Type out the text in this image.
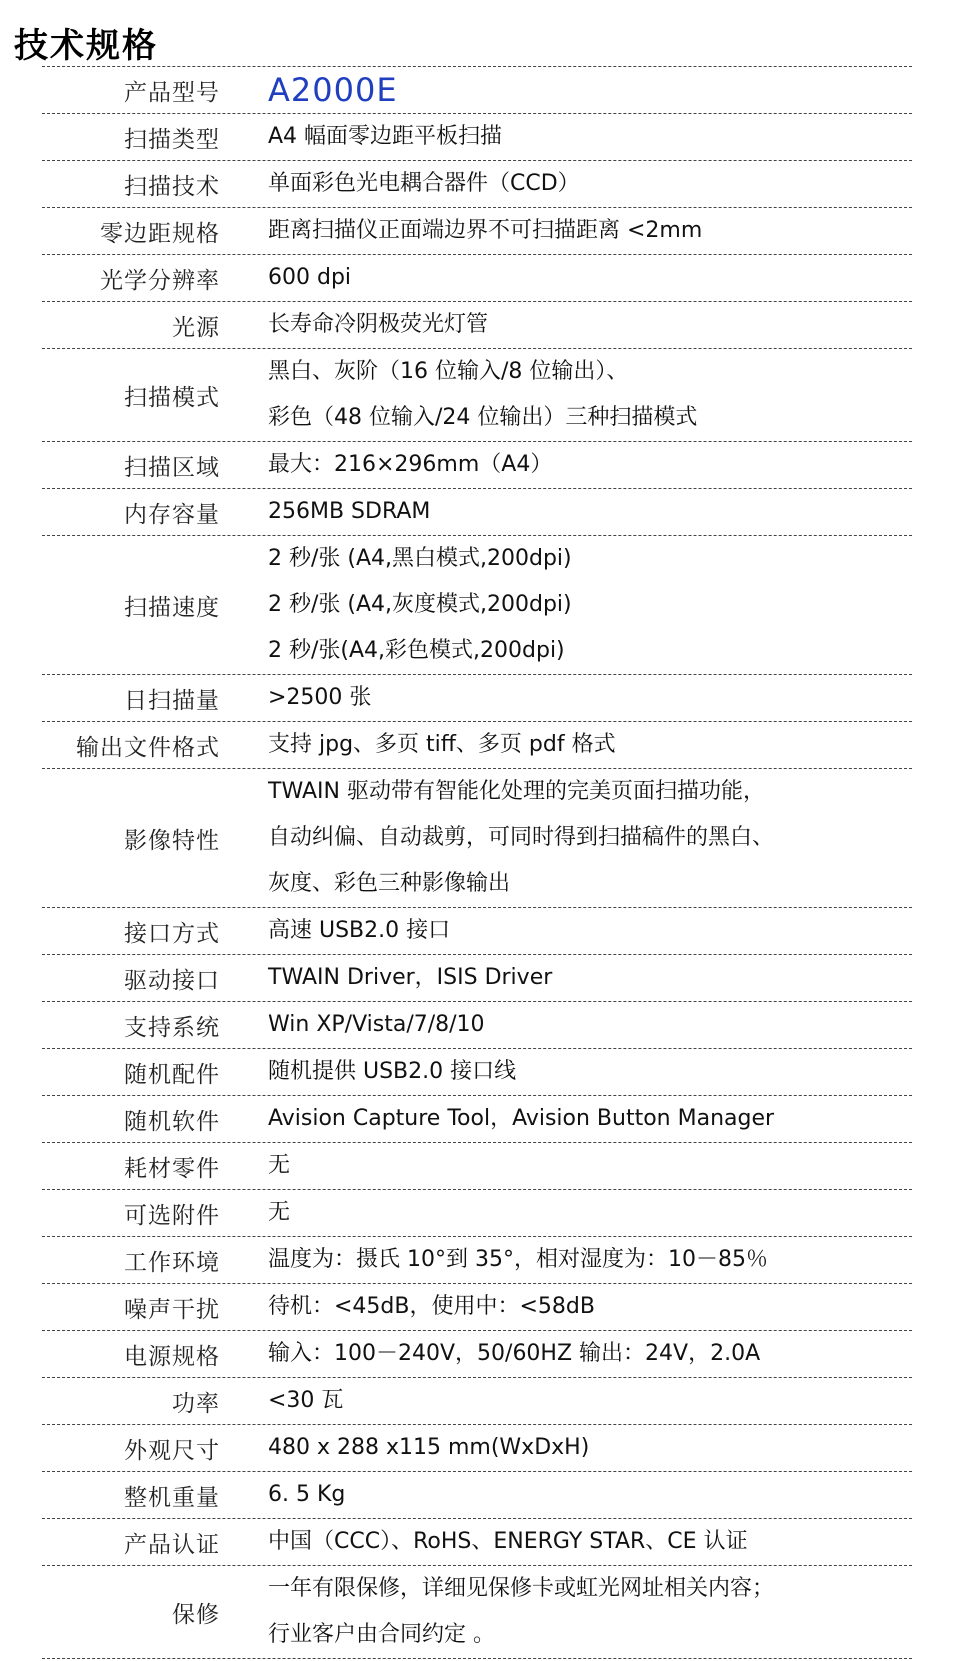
技术规格
产品型号 A2000E
扫描类型 A4 幅面零边距平板扫描
扫描技术 单面彩色光电耦合器件（CCD）
零边距规格 距离扫描仪正面端边界不可扫描距离 <2mm
光学分辨率 600 dpi
光源 长寿命冷阴极荧光灯管
扫描模式
黑白、灰阶（16 位输入/8 位输出）、
彩色（48 位输入/24 位输出）三种扫描模式
扫描区域 最大：216×296mm（A4）
内存容量 256MB SDRAM
扫描速度
2 秒/张 (A4,黑白模式,200dpi)
2 秒/张 (A4,灰度模式,200dpi)
2 秒/张(A4,彩色模式,200dpi)
日扫描量 >2500 张
输出文件格式 支持 jpg、多页 tiff、多页 pdf 格式
影像特性
TWAIN 驱动带有智能化处理的完美页面扫描功能，
自动纠偏、自动裁剪，可同时得到扫描稿件的黑白、
灰度、彩色三种影像输出
接口方式 高速 USB2.0 接口
驱动接口 TWAIN Driver，ISIS Driver
支持系统 Win XP/Vista/7/8/10
随机配件 随机提供 USB2.0 接口线
随机软件 Avision Capture Tool，Avision Button Manager
耗材零件 无
可选附件 无
工作环境 温度为：摄氏 10°到 35°，相对湿度为：10－85％
噪声干扰 待机：<45dB，使用中：<58dB
电源规格 输入：100－240V，50/60HZ 输出：24V，2.0A
功率 <30 瓦
外观尺寸 480 x 288 x115 mm(WxDxH)
整机重量 6. 5 Kg
产品认证 中国（CCC）、RoHS、ENERGY STAR、CE 认证
保修
一年有限保修，详细见保修卡或虹光网址相关内容；
行业客户由合同约定 。
